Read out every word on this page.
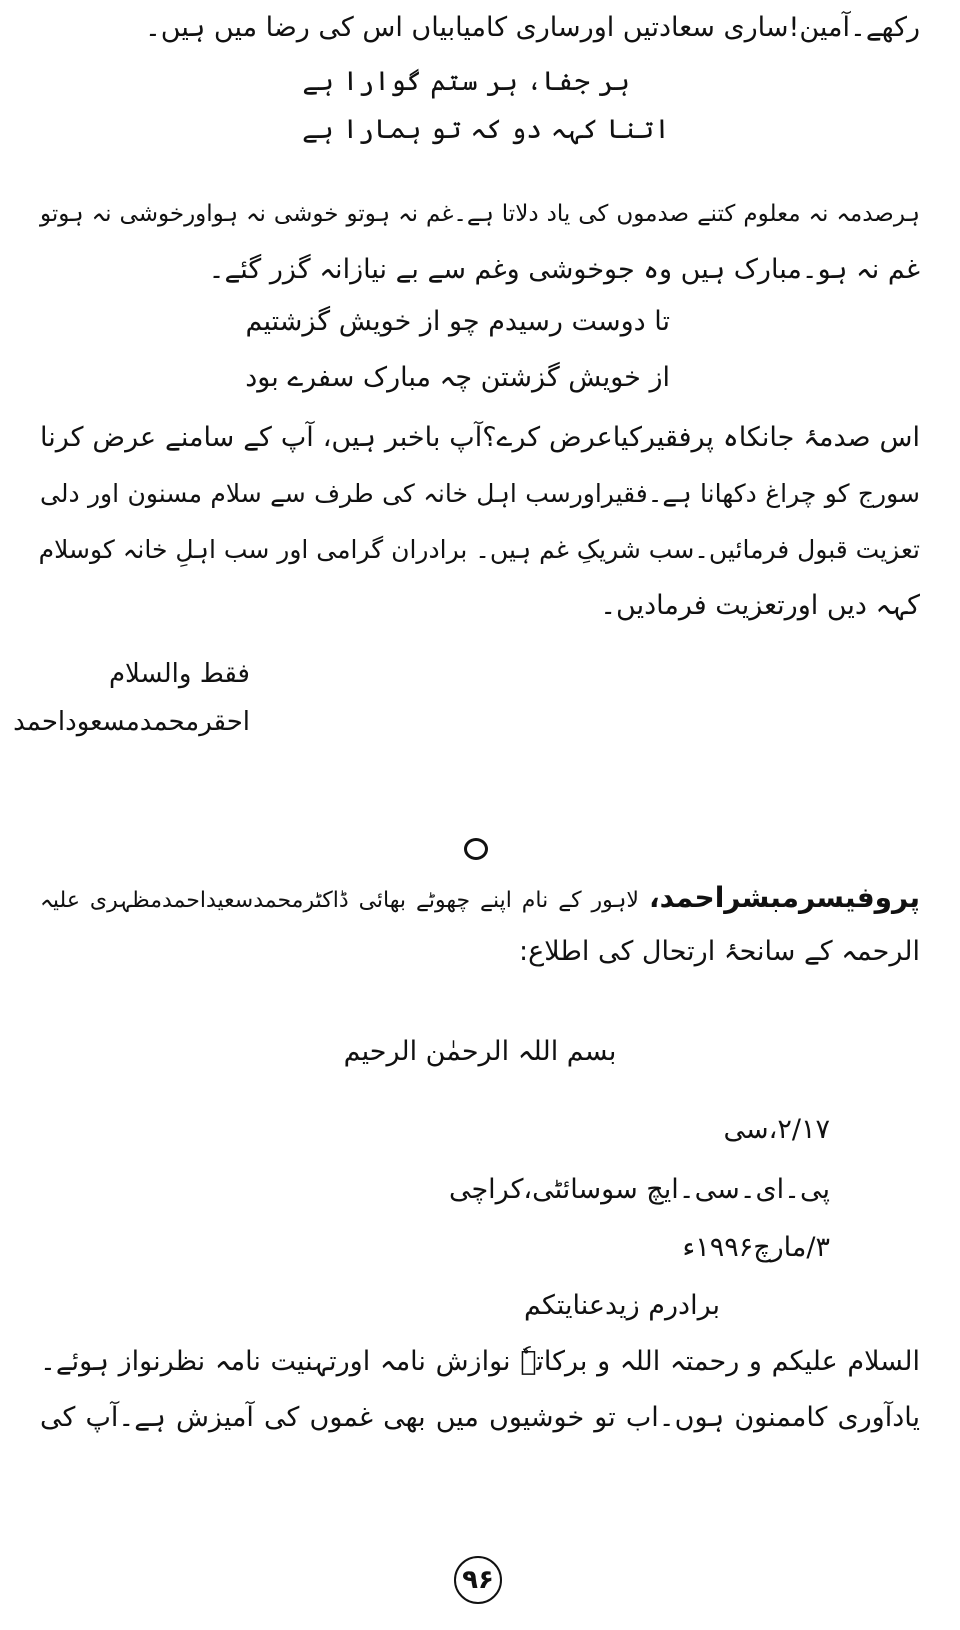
رکھے۔آمین!ساری سعادتیں اورساری کامیابیاں اس کی رضا میں ہیں۔
ہر جفا، ہر ستم گوارا ہے
اتنا کہہ دو کہ تو ہمارا ہے
ہرصدمہ نہ معلوم کتنے صدموں کی یاد دلاتا ہے۔غم نہ ہوتو خوشی نہ ہواورخوشی نہ ہوتو
غم نہ ہو۔مبارک ہیں وہ جوخوشی وغم سے بے نیازانہ گزر گئے۔
تا دوست رسیدم چو از خویش گزشتیم
از خویش گزشتن چہ مبارک سفرے بود
اس صدمۂ جانکاہ پرفقیرکیاعرض کرے؟آپ باخبر ہیں، آپ کے سامنے عرض کرنا
سورج کو چراغ دکھانا ہے۔فقیراورسب اہل خانہ کی طرف سے سلام مسنون اور دلی
تعزیت قبول فرمائیں۔سب شریکِ غم ہیں۔ برادران گرامی اور سب اہلِ خانہ کوسلام
کہہ دیں اورتعزیت فرمادیں۔
فقط والسلام
احقرمحمدمسعوداحمد
پروفیسرمبشراحمد، لاہور کے نام اپنے چھوٹے بھائی ڈاکٹرمحمدسعیداحمدمظہری علیہ
الرحمہ کے سانحۂ ارتحال کی اطلاع:
بسم اللہ الرحمٰن الرحیم
۲/۱۷،سی
پی۔ای۔سی۔ایچ سوسائٹی،کراچی
۳/مارچ۱۹۹۶ء
برادرم زیدعنایتکم
السلام علیکم و رحمتہ اللہ و برکاتہٗ نوازش نامہ اورتہنیت نامہ نظرنواز ہوئے۔
یادآوری کاممنون ہوں۔اب تو خوشیوں میں بھی غموں کی آمیزش ہے۔آپ کی
۹۶
